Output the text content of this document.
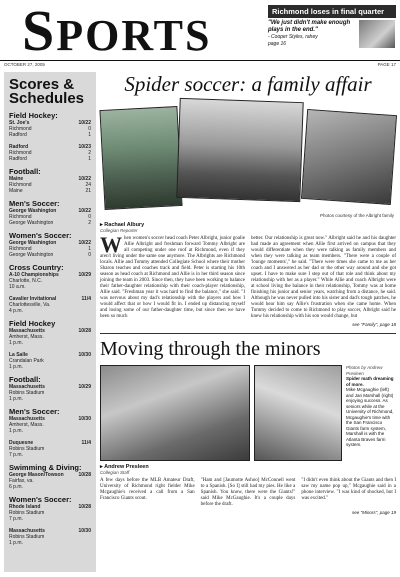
SPORTS	Richmond loses in final quarter
"We just didn't make enough plays in the end."
- Cooper Styles, rahey
page 16
OCTOBER 27, 2005	PAGE 17
Scores &
Schedules
Field Hockey:
St. Joe's	10/22
Richmond	0
Radford	1
Radford	10/23
Richmond	2
Radford	1
Football:
Maine	10/22
Richmond	24
Maine	21
Men's Soccer:
George Washington	10/22
Richmond	0
George Washington	2
Women's Soccer:
George Washington	10/22
Richmond	1
George Washington	0
Cross Country:
A-10 Championships	10/29
Charlotte, N.C.
10 a.m.
Cavalier Invitational	11/4
Charlottesville, Va.
4 p.m.
Field Hockey
Massachusetts	10/28
Amherst, Mass.
1 p.m.
La Salle	10/30
Crandalan Park
1 p.m.
Football:
Massachusetts	10/29
Robins Stadium
1 p.m.
Men's Soccer:
Massachusetts	10/30
Amherst, Mass.
1 p.m.
Duquesne	11/4
Robins Stadium
7 p.m.
Swimming & Diving:
George Mason/Towson	10/28
Fairfax, va.
6 p.m.
Women's Soccer:
Rhode Island	10/28
Robins Stadium
7 p.m.
Massachusetts	10/30
Robins Stadium
1 p.m.
Spider soccer: a family affair
Photos courtesy of the Albright family
▸ Rachael Albury
Collegian Reporter
When women's soccer head coach Peter Albright, junior goalie Allie Albright and freshman forward Tommy Albright are all competing under one roof at Richmond, even if they aren't living under the same one anymore. The Albrights are Richmond locals. Allie and Tommy attended Collegiate School where their mother Sharon teaches and coaches track and field. Peter is starting his 10th season as head coach at Richmond and Allie is in her third season since joining the team in 2003. Since then, they have been working to balance their father-daughter relationship with their coach-player relationship, Allie said. "Freshman year it was hard to find the balance," she said. "I was nervous about my dad's relationship with the players and how I would affect that or how I would fit in. I ended up distancing myself and losing some of our father-daughter time, but since then we have been so much
better. Our relationship is great now." Albright said he and his daughter had made an agreement when Allie first arrived on campus that they would differentiate when they were talking as family members and when they were talking as team members. "There were a couple of 'lounge moments'," he said. "There were times she came to me as her coach and I answered as her dad or the other way around and she got upset. I have to make sure I step out of that role and think about my relationship with her as a player." While Allie and coach Albright were at school living the balance in their relationship, Tommy was at home finishing his junior and senior years, watching from a distance, he said. Although he was never pulled into his sister and dad's tough patches, he would hear him say Allie's frustration when she came home. When Tommy decided to come to Richmond to play soccer, Albright said he knew his relationship with his son would change, but
see "Family", page 18
Moving through the minors
Photos by Andrew Presleen
Spider math dreaming of more.
Mike Mcgaughie (left) and Jan Marshall (right) enjoying success. As seniors while at the University of Richmond, Mcgaughie's time with the San Francisco Giants farm system, Marshall is with the Atlanta Braves farm system.
▸ Andrew Presleen
Collegian Staff
A few days before the MLB Amateur Draft, University of Richmond right fielder Mike Mcgaughie's received a call from a San Francisco Giants scout.
"Ham and [Jaumotte Ashoo] McConnell went to a Spanish. [So I] still had my pies. He like a Spanish. You know, there were the Giants!" said Mike McGaughie. It's a couple days before the draft.
"I didn't even think about the Giants and then I saw my name pop up," Mcgaughie said in a phone interview. "I was kind of shocked, but I was excited."
see "Minors", page 19
